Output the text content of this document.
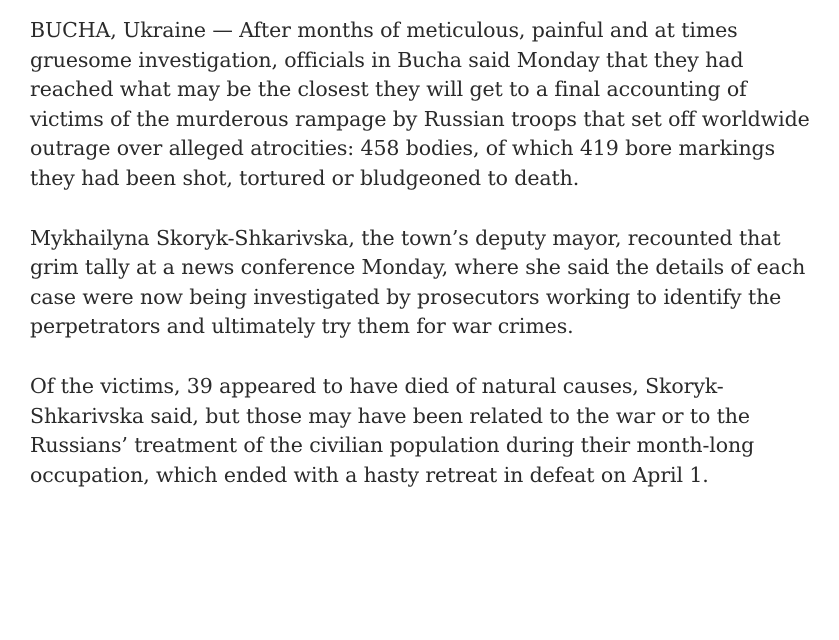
BUCHA, Ukraine — After months of meticulous, painful and at times gruesome investigation, officials in Bucha said Monday that they had reached what may be the closest they will get to a final accounting of victims of the murderous rampage by Russian troops that set off worldwide outrage over alleged atrocities: 458 bodies, of which 419 bore markings they had been shot, tortured or bludgeoned to death.

Mykhailyna Skoryk-Shkarivska, the town’s deputy mayor, recounted that grim tally at a news conference Monday, where she said the details of each case were now being investigated by prosecutors working to identify the perpetrators and ultimately try them for war crimes.

Of the victims, 39 appeared to have died of natural causes, Skoryk-Shkarivska said, but those may have been related to the war or to the Russians’ treatment of the civilian population during their month-long occupation, which ended with a hasty retreat in defeat on April 1.
